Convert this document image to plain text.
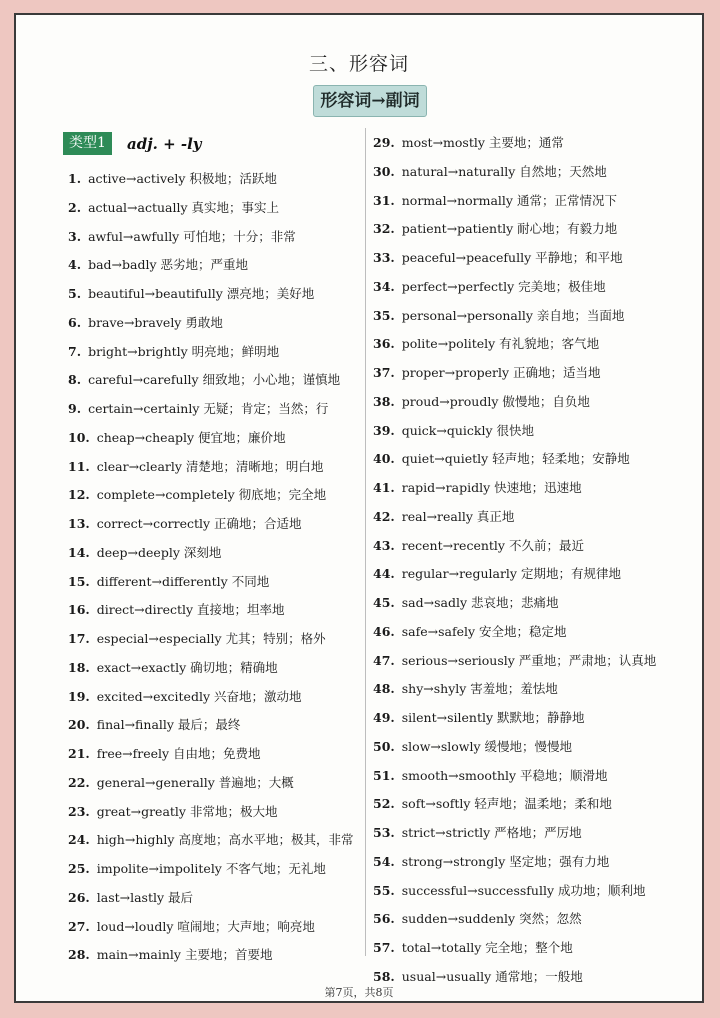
三、形容词
形容词→副词
类型1 adj. + -ly
1. active→actively 积极地；活跃地
2. actual→actually 真实地；事实上
3. awful→awfully 可怕地；十分；非常
4. bad→badly 恶劣地；严重地
5. beautiful→beautifully 漂亮地；美好地
6. brave→bravely 勇敢地
7. bright→brightly 明亮地；鲜明地
8. careful→carefully 细致地；小心地；谨慎地
9. certain→certainly 无疑；肯定；当然；行
10. cheap→cheaply 便宜地；廉价地
11. clear→clearly 清楚地；清晰地；明白地
12. complete→completely 彻底地；完全地
13. correct→correctly 正确地；合适地
14. deep→deeply 深刻地
15. different→differently 不同地
16. direct→directly 直接地；坦率地
17. especial→especially 尤其；特别；格外
18. exact→exactly 确切地；精确地
19. excited→excitedly 兴奋地；激动地
20. final→finally 最后；最终
21. free→freely 自由地；免费地
22. general→generally 普遍地；大概
23. great→greatly 非常地；极大地
24. high→highly 高度地；高水平地；极其，非常
25. impolite→impolitely 不客气地；无礼地
26. last→lastly 最后
27. loud→loudly 喧闹地；大声地；响亮地
28. main→mainly 主要地；首要地
29. most→mostly 主要地；通常
30. natural→naturally 自然地；天然地
31. normal→normally 通常；正常情况下
32. patient→patiently 耐心地；有毅力地
33. peaceful→peacefully 平静地；和平地
34. perfect→perfectly 完美地；极佳地
35. personal→personally 亲自地；当面地
36. polite→politely 有礼貌地；客气地
37. proper→properly 正确地；适当地
38. proud→proudly 傲慢地；自负地
39. quick→quickly 很快地
40. quiet→quietly 轻声地；轻柔地；安静地
41. rapid→rapidly 快速地；迅速地
42. real→really 真正地
43. recent→recently 不久前；最近
44. regular→regularly 定期地；有规律地
45. sad→sadly 悲哀地；悲痛地
46. safe→safely 安全地；稳定地
47. serious→seriously 严重地；严肃地；认真地
48. shy→shyly 害羞地；羞怯地
49. silent→silently 默默地；静静地
50. slow→slowly 缓慢地；慢慢地
51. smooth→smoothly 平稳地；顺滑地
52. soft→softly 轻声地；温柔地；柔和地
53. strict→strictly 严格地；严厉地
54. strong→strongly 坚定地；强有力地
55. successful→successfully 成功地；顺利地
56. sudden→suddenly 突然；忽然
57. total→totally 完全地；整个地
58. usual→usually 通常地；一般地
第7页，共8页
